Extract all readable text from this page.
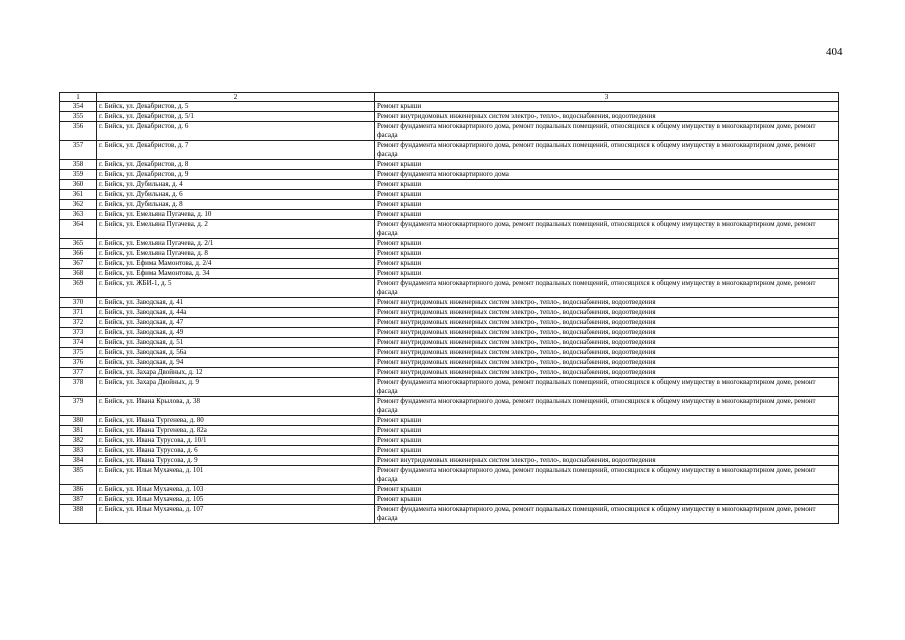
404
1	2	3
354	г. Бийск, ул. Декабристов, д. 5	Ремонт крыши
355	г. Бийск, ул. Декабристов, д. 5/1	Ремонт внутридомовых инженерных систем электро-, тепло-, водоснабжения, водоотведения
356	г. Бийск, ул. Декабристов, д. 6	Ремонт фундамента многоквартирного дома, ремонт подвальных помещений, относящихся к общему имуществу в многоквартирном доме, ремонт фасада
357	г. Бийск, ул. Декабристов, д. 7	Ремонт фундамента многоквартирного дома, ремонт подвальных помещений, относящихся к общему имуществу в многоквартирном доме, ремонт фасада
358	г. Бийск, ул. Декабристов, д. 8	Ремонт крыши
359	г. Бийск, ул. Декабристов, д. 9	Ремонт фундамента многоквартирного дома
360	г. Бийск, ул. Дубильная, д. 4	Ремонт крыши
361	г. Бийск, ул. Дубильная, д. 6	Ремонт крыши
362	г. Бийск, ул. Дубильная, д. 8	Ремонт крыши
363	г. Бийск, ул. Емельяна Пугачева, д. 10	Ремонт крыши
364	г. Бийск, ул. Емельяна Пугачева, д. 2	Ремонт фундамента многоквартирного дома, ремонт подвальных помещений, относящихся к общему имуществу в многоквартирном доме, ремонт фасада
365	г. Бийск, ул. Емельяна Пугачева, д. 2/1	Ремонт крыши
366	г. Бийск, ул. Емельяна Пугачева, д. 8	Ремонт крыши
367	г. Бийск, ул. Ефима Мамонтова, д. 2/4	Ремонт крыши
368	г. Бийск, ул. Ефима Мамонтова, д. 34	Ремонт крыши
369	г. Бийск, ул. ЖБИ-1, д. 5	Ремонт фундамента многоквартирного дома, ремонт подвальных помещений, относящихся к общему имуществу в многоквартирном доме, ремонт фасада
370	г. Бийск, ул. Заводская, д. 41	Ремонт внутридомовых инженерных систем электро-, тепло-, водоснабжения, водоотведения
371	г. Бийск, ул. Заводская, д. 44а	Ремонт внутридомовых инженерных систем электро-, тепло-, водоснабжения, водоотведения
372	г. Бийск, ул. Заводская, д. 47	Ремонт внутридомовых инженерных систем электро-, тепло-, водоснабжения, водоотведения
373	г. Бийск, ул. Заводская, д. 49	Ремонт внутридомовых инженерных систем электро-, тепло-, водоснабжения, водоотведения
374	г. Бийск, ул. Заводская, д. 51	Ремонт внутридомовых инженерных систем электро-, тепло-, водоснабжения, водоотведения
375	г. Бийск, ул. Заводская, д. 56а	Ремонт внутридомовых инженерных систем электро-, тепло-, водоснабжения, водоотведения
376	г. Бийск, ул. Заводская, д. 94	Ремонт внутридомовых инженерных систем электро-, тепло-, водоснабжения, водоотведения
377	г. Бийск, ул. Захара Двойных, д. 12	Ремонт внутридомовых инженерных систем электро-, тепло-, водоснабжения, водоотведения
378	г. Бийск, ул. Захара Двойных, д. 9	Ремонт фундамента многоквартирного дома, ремонт подвальных помещений, относящихся к общему имуществу в многоквартирном доме, ремонт фасада
379	г. Бийск, ул. Ивана Крылова, д. 38	Ремонт фундамента многоквартирного дома, ремонт подвальных помещений, относящихся к общему имуществу в многоквартирном доме, ремонт фасада
380	г. Бийск, ул. Ивана Тургенева, д. 80	Ремонт крыши
381	г. Бийск, ул. Ивана Тургенева, д. 82а	Ремонт крыши
382	г. Бийск, ул. Ивана Турусова, д. 10/1	Ремонт крыши
383	г. Бийск, ул. Ивана Турусова, д. 6	Ремонт крыши
384	г. Бийск, ул. Ивана Турусова, д. 9	Ремонт внутридомовых инженерных систем электро-, тепло-, водоснабжения, водоотведения
385	г. Бийск, ул. Ильи Мухачева, д. 101	Ремонт фундамента многоквартирного дома, ремонт подвальных помещений, относящихся к общему имуществу в многоквартирном доме, ремонт фасада
386	г. Бийск, ул. Ильи Мухачева, д. 103	Ремонт крыши
387	г. Бийск, ул. Ильи Мухачева, д. 105	Ремонт крыши
388	г. Бийск, ул. Ильи Мухачева, д. 107	Ремонт фундамента многоквартирного дома, ремонт подвальных помещений, относящихся к общему имуществу в многоквартирном доме, ремонт фасада
